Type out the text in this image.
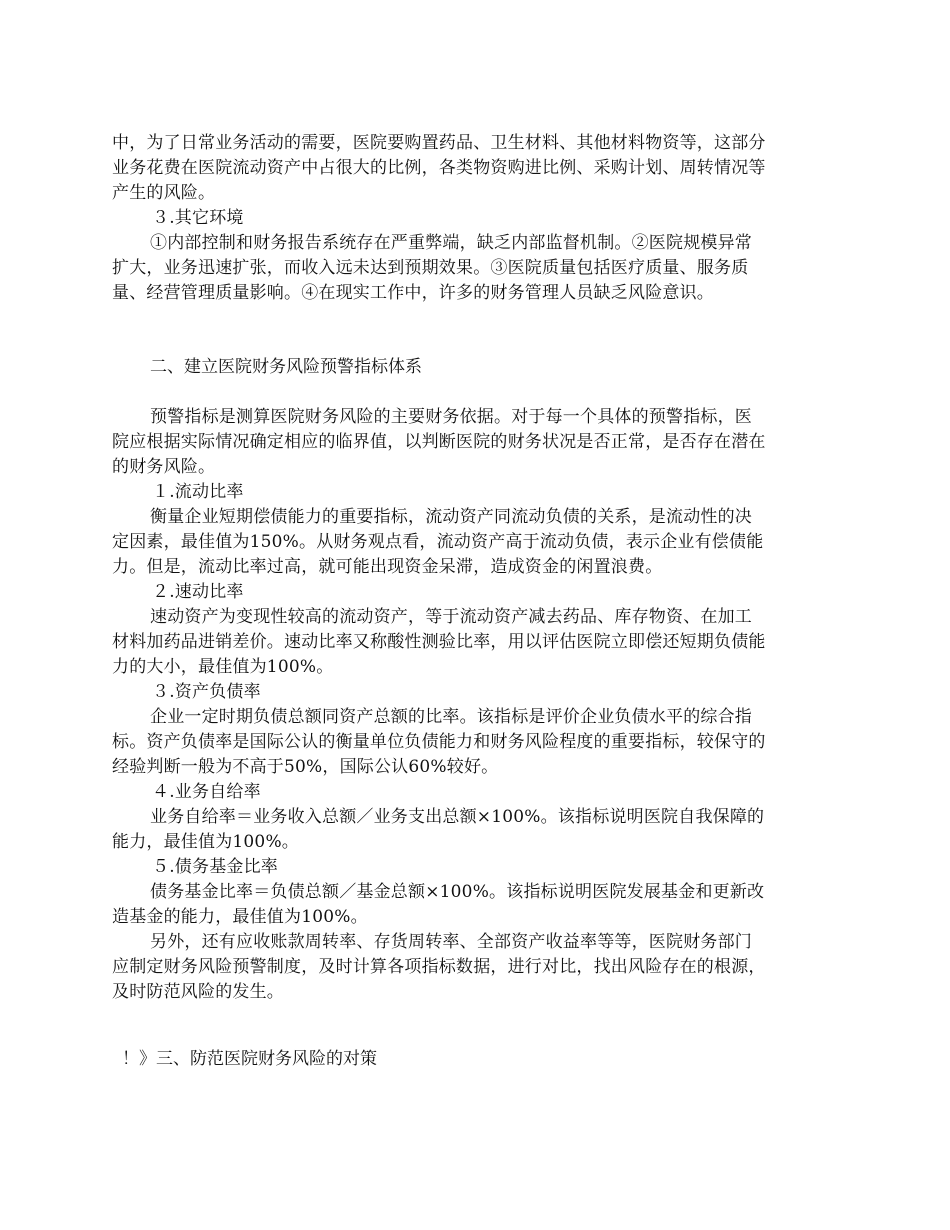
中，为了日常业务活动的需要，医院要购置药品、卫生材料、其他材料物资等，这部分业务花费在医院流动资产中占很大的比例，各类物资购进比例、采购计划、周转情况等产生的风险。

３.其它环境

①内部控制和财务报告系统存在严重弊端，缺乏内部监督机制。②医院规模异常扩大，业务迅速扩张，而收入远未达到预期效果。③医院质量包括医疗质量、服务质量、经营管理质量影响。④在现实工作中，许多的财务管理人员缺乏风险意识。

二、建立医院财务风险预警指标体系

预警指标是测算医院财务风险的主要财务依据。对于每一个具体的预警指标，医院应根据实际情况确定相应的临界值，以判断医院的财务状况是否正常，是否存在潜在的财务风险。

１.流动比率

衡量企业短期偿债能力的重要指标，流动资产同流动负债的关系，是流动性的决定因素，最佳值为150%。从财务观点看，流动资产高于流动负债，表示企业有偿债能力。但是，流动比率过高，就可能出现资金呆滞，造成资金的闲置浪费。

２.速动比率

速动资产为变现性较高的流动资产，等于流动资产减去药品、库存物资、在加工材料加药品进销差价。速动比率又称酸性测验比率，用以评估医院立即偿还短期负债能力的大小，最佳值为100%。

３.资产负债率

企业一定时期负债总额同资产总额的比率。该指标是评价企业负债水平的综合指标。资产负债率是国际公认的衡量单位负债能力和财务风险程度的重要指标，较保守的经验判断一般为不高于50%，国际公认60%较好。

４.业务自给率

业务自给率＝业务收入总额／业务支出总额×100%。该指标说明医院自我保障的能力，最佳值为100%。

５.债务基金比率

债务基金比率＝负债总额／基金总额×100%。该指标说明医院发展基金和更新改造基金的能力，最佳值为100%。

另外，还有应收账款周转率、存货周转率、全部资产收益率等等，医院财务部门应制定财务风险预警制度，及时计算各项指标数据，进行对比，找出风险存在的根源，及时防范风险的发生。

！》三、防范医院财务风险的对策
